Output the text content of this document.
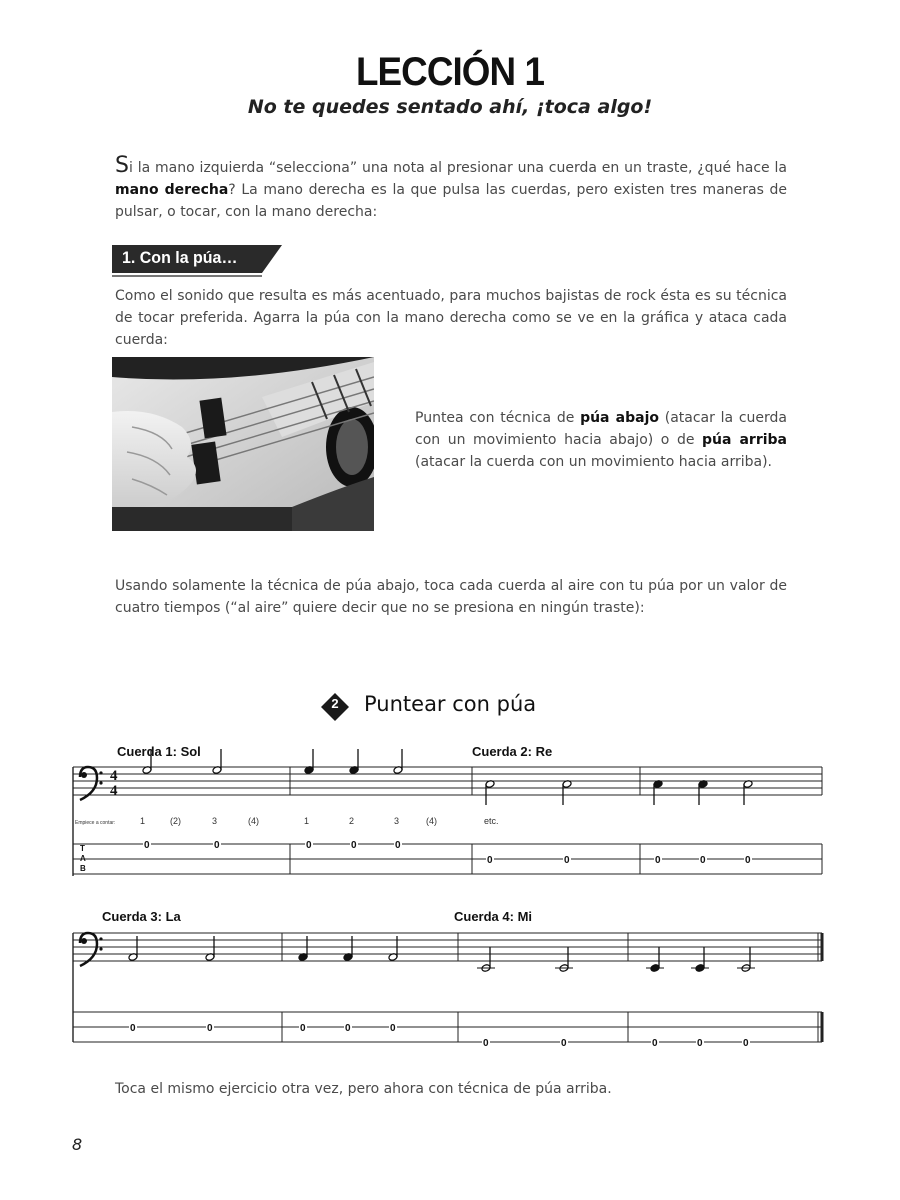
LECCIÓN 1
No te quedes sentado ahí, ¡toca algo!
Si la mano izquierda “selecciona” una nota al presionar una cuerda en un traste, ¿qué hace la mano derecha? La mano derecha es la que pulsa las cuerdas, pero existen tres maneras de pulsar, o tocar, con la mano derecha:
1. Con la púa…
Como el sonido que resulta es más acentuado, para muchos bajistas de rock ésta es su técnica de tocar preferida. Agarra la púa con la mano derecha como se ve en la gráfica y ataca cada cuerda:
Puntea con técnica de púa abajo (atacar la cuerda con un movimiento hacia abajo) o de púa arriba (atacar la cuerda con un movimiento hacia arriba).
Usando solamente la técnica de púa abajo, toca cada cuerda al aire con tu púa por un valor de cuatro tiempos (“al aire” quiere decir que no se presiona en ningún traste):
2	Puntear con púa
Cuerda 1: Sol	Cuerda 2: Re
4
4
Empiece a contar:	1	(2)	3	(4)	1	2	3	(4)	etc.
T
A
B
0	0	0	0	0
0	0	0	0	0
Cuerda 3: La	Cuerda 4: Mi
0	0	0	0	0
0	0	0	0	0
Toca el mismo ejercicio otra vez, pero ahora con técnica de púa arriba.
8
